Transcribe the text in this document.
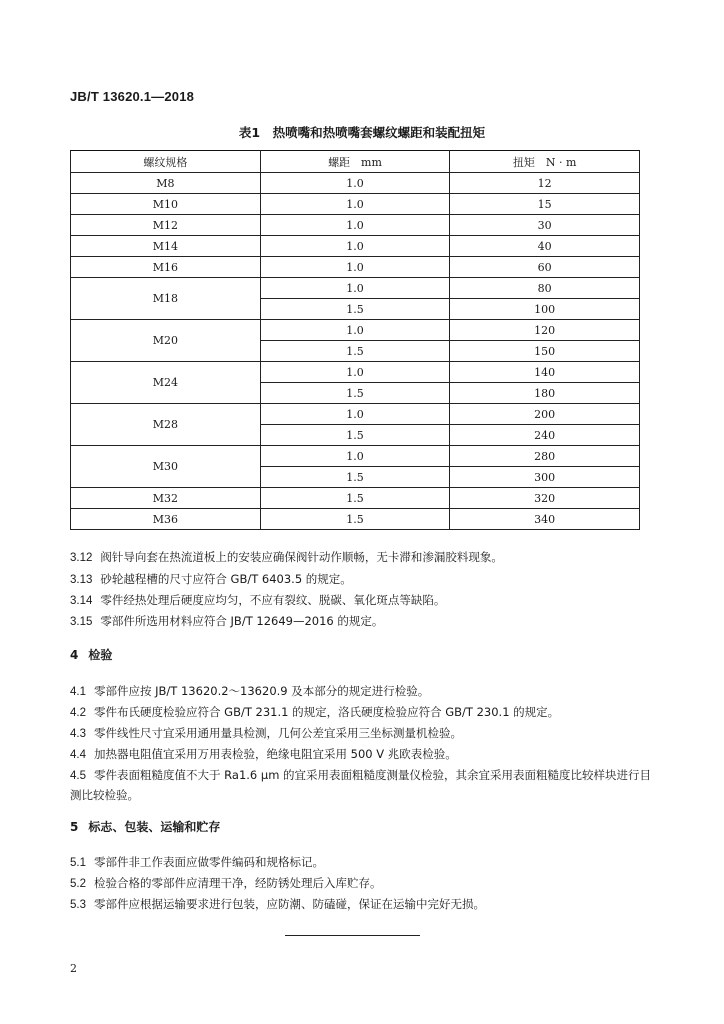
JB/T 13620.1—2018
表1　热喷嘴和热喷嘴套螺纹螺距和装配扭矩
螺纹规格	螺距　mm	扭矩　N · m
M8	1.0	12
M10	1.0	15
M12	1.0	30
M14	1.0	40
M16	1.0	60
M18	1.0	80
	1.5	100
M20	1.0	120
	1.5	150
M24	1.0	140
	1.5	180
M28	1.0	200
	1.5	240
M30	1.0	280
	1.5	300
M32	1.5	320
M36	1.5	340
3.12 阀针导向套在热流道板上的安装应确保阀针动作顺畅，无卡滞和渗漏胶料现象。
3.13 砂轮越程槽的尺寸应符合 GB/T 6403.5 的规定。
3.14 零件经热处理后硬度应均匀，不应有裂纹、脱碳、氧化斑点等缺陷。
3.15 零部件所选用材料应符合 JB/T 12649—2016 的规定。
4 检验
4.1 零部件应按 JB/T 13620.2～13620.9 及本部分的规定进行检验。
4.2 零件布氏硬度检验应符合 GB/T 231.1 的规定，洛氏硬度检验应符合 GB/T 230.1 的规定。
4.3 零件线性尺寸宜采用通用量具检测，几何公差宜采用三坐标测量机检验。
4.4 加热器电阻值宜采用万用表检验，绝缘电阻宜采用 500 V 兆欧表检验。
4.5 零件表面粗糙度值不大于 Ra1.6 μm 的宜采用表面粗糙度测量仪检验，其余宜采用表面粗糙度比较样块进行目测比较检验。
5 标志、包装、运输和贮存
5.1 零部件非工作表面应做零件编码和规格标记。
5.2 检验合格的零部件应清理干净，经防锈处理后入库贮存。
5.3 零部件应根据运输要求进行包装，应防潮、防磕碰，保证在运输中完好无损。
2
